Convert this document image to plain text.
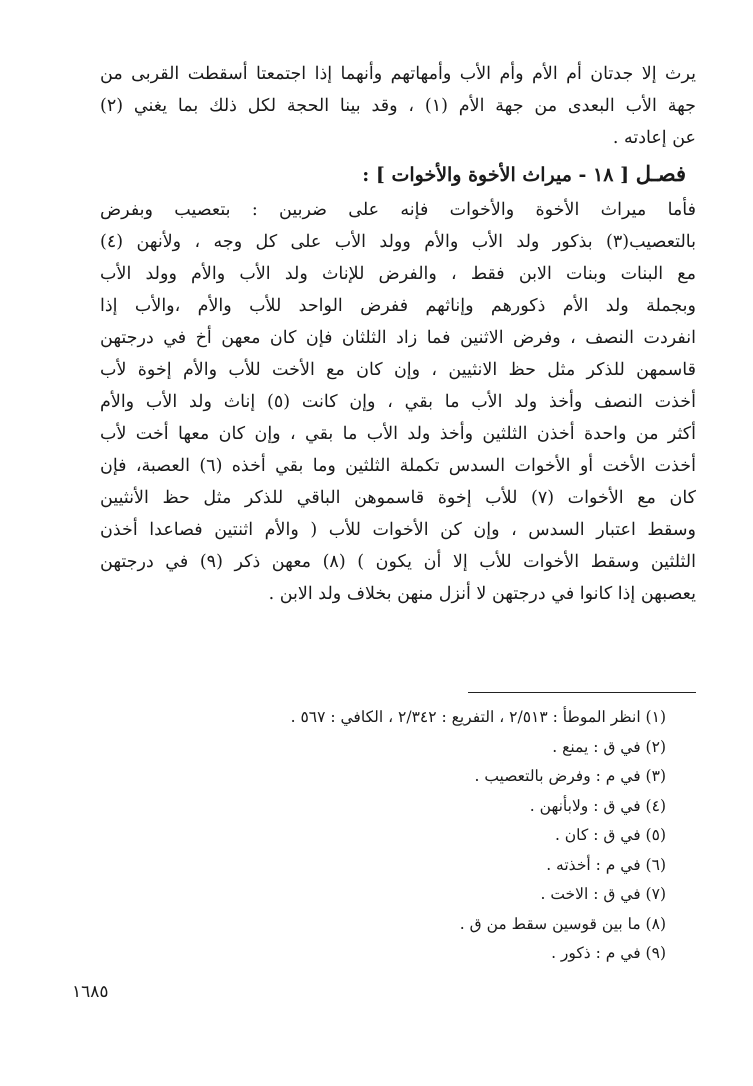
يرث إلا جدتان أم الأم وأم الأب وأمهاتهم وأنهما إذا اجتمعتا أسقطت القربى من
جهة الأب البعدى من جهة الأم (١) ، وقد بينا الحجة لكل ذلك بما يغني (٢)
عن إعادته .
فصـل [ ١٨ - ميراث الأخوة والأخوات ] :
فأما ميراث الأخوة والأخوات فإنه على ضربين : بتعصيب وبفرض
بالتعصيب(٣) بذكور ولد الأب والأم وولد الأب على كل وجه ، ولأنهن (٤)
مع البنات وبنات الابن فقط ، والفرض للإناث ولد الأب والأم وولد الأب
وبجملة ولد الأم ذكورهم وإناثهم ففرض الواحد للأب والأم ،والأب إذا
انفردت النصف ، وفرض الاثنين فما زاد الثلثان فإن كان معهن أخ في درجتهن
قاسمهن للذكر مثل حظ الانثيين ، وإن كان مع الأخت للأب والأم إخوة لأب
أخذت النصف وأخذ ولد الأب ما بقي ، وإن كانت (٥) إناث ولد الأب والأم
أكثر من واحدة أخذن الثلثين وأخذ ولد الأب ما بقي ، وإن كان معها أخت لأب
أخذت الأخت أو الأخوات السدس تكملة الثلثين وما بقي أخذه (٦) العصبة، فإن
كان مع الأخوات (٧) للأب إخوة قاسموهن الباقي للذكر مثل حظ الأنثيين
وسقط اعتبار السدس ، وإن كن الأخوات للأب ( والأم اثنتين فصاعدا أخذن
الثلثين وسقط الأخوات للأب إلا أن يكون ) (٨) معهن ذكر (٩) في درجتهن
يعصبهن إذا كانوا في درجتهن لا أنزل منهن بخلاف ولد الابن .
(١) انظر الموطأ : ٢/٥١٣ ، التفريع : ٢/٣٤٢ ، الكافي : ٥٦٧ .
(٢) في ق : يمنع .
(٣) في م : وفرض بالتعصيب .
(٤) في ق : ولابأنهن .
(٥) في ق : كان .
(٦) في م : أخذته .
(٧) في ق : الاخت .
(٨) ما بين قوسين سقط من ق .
(٩) في م : ذكور .
١٦٨٥
